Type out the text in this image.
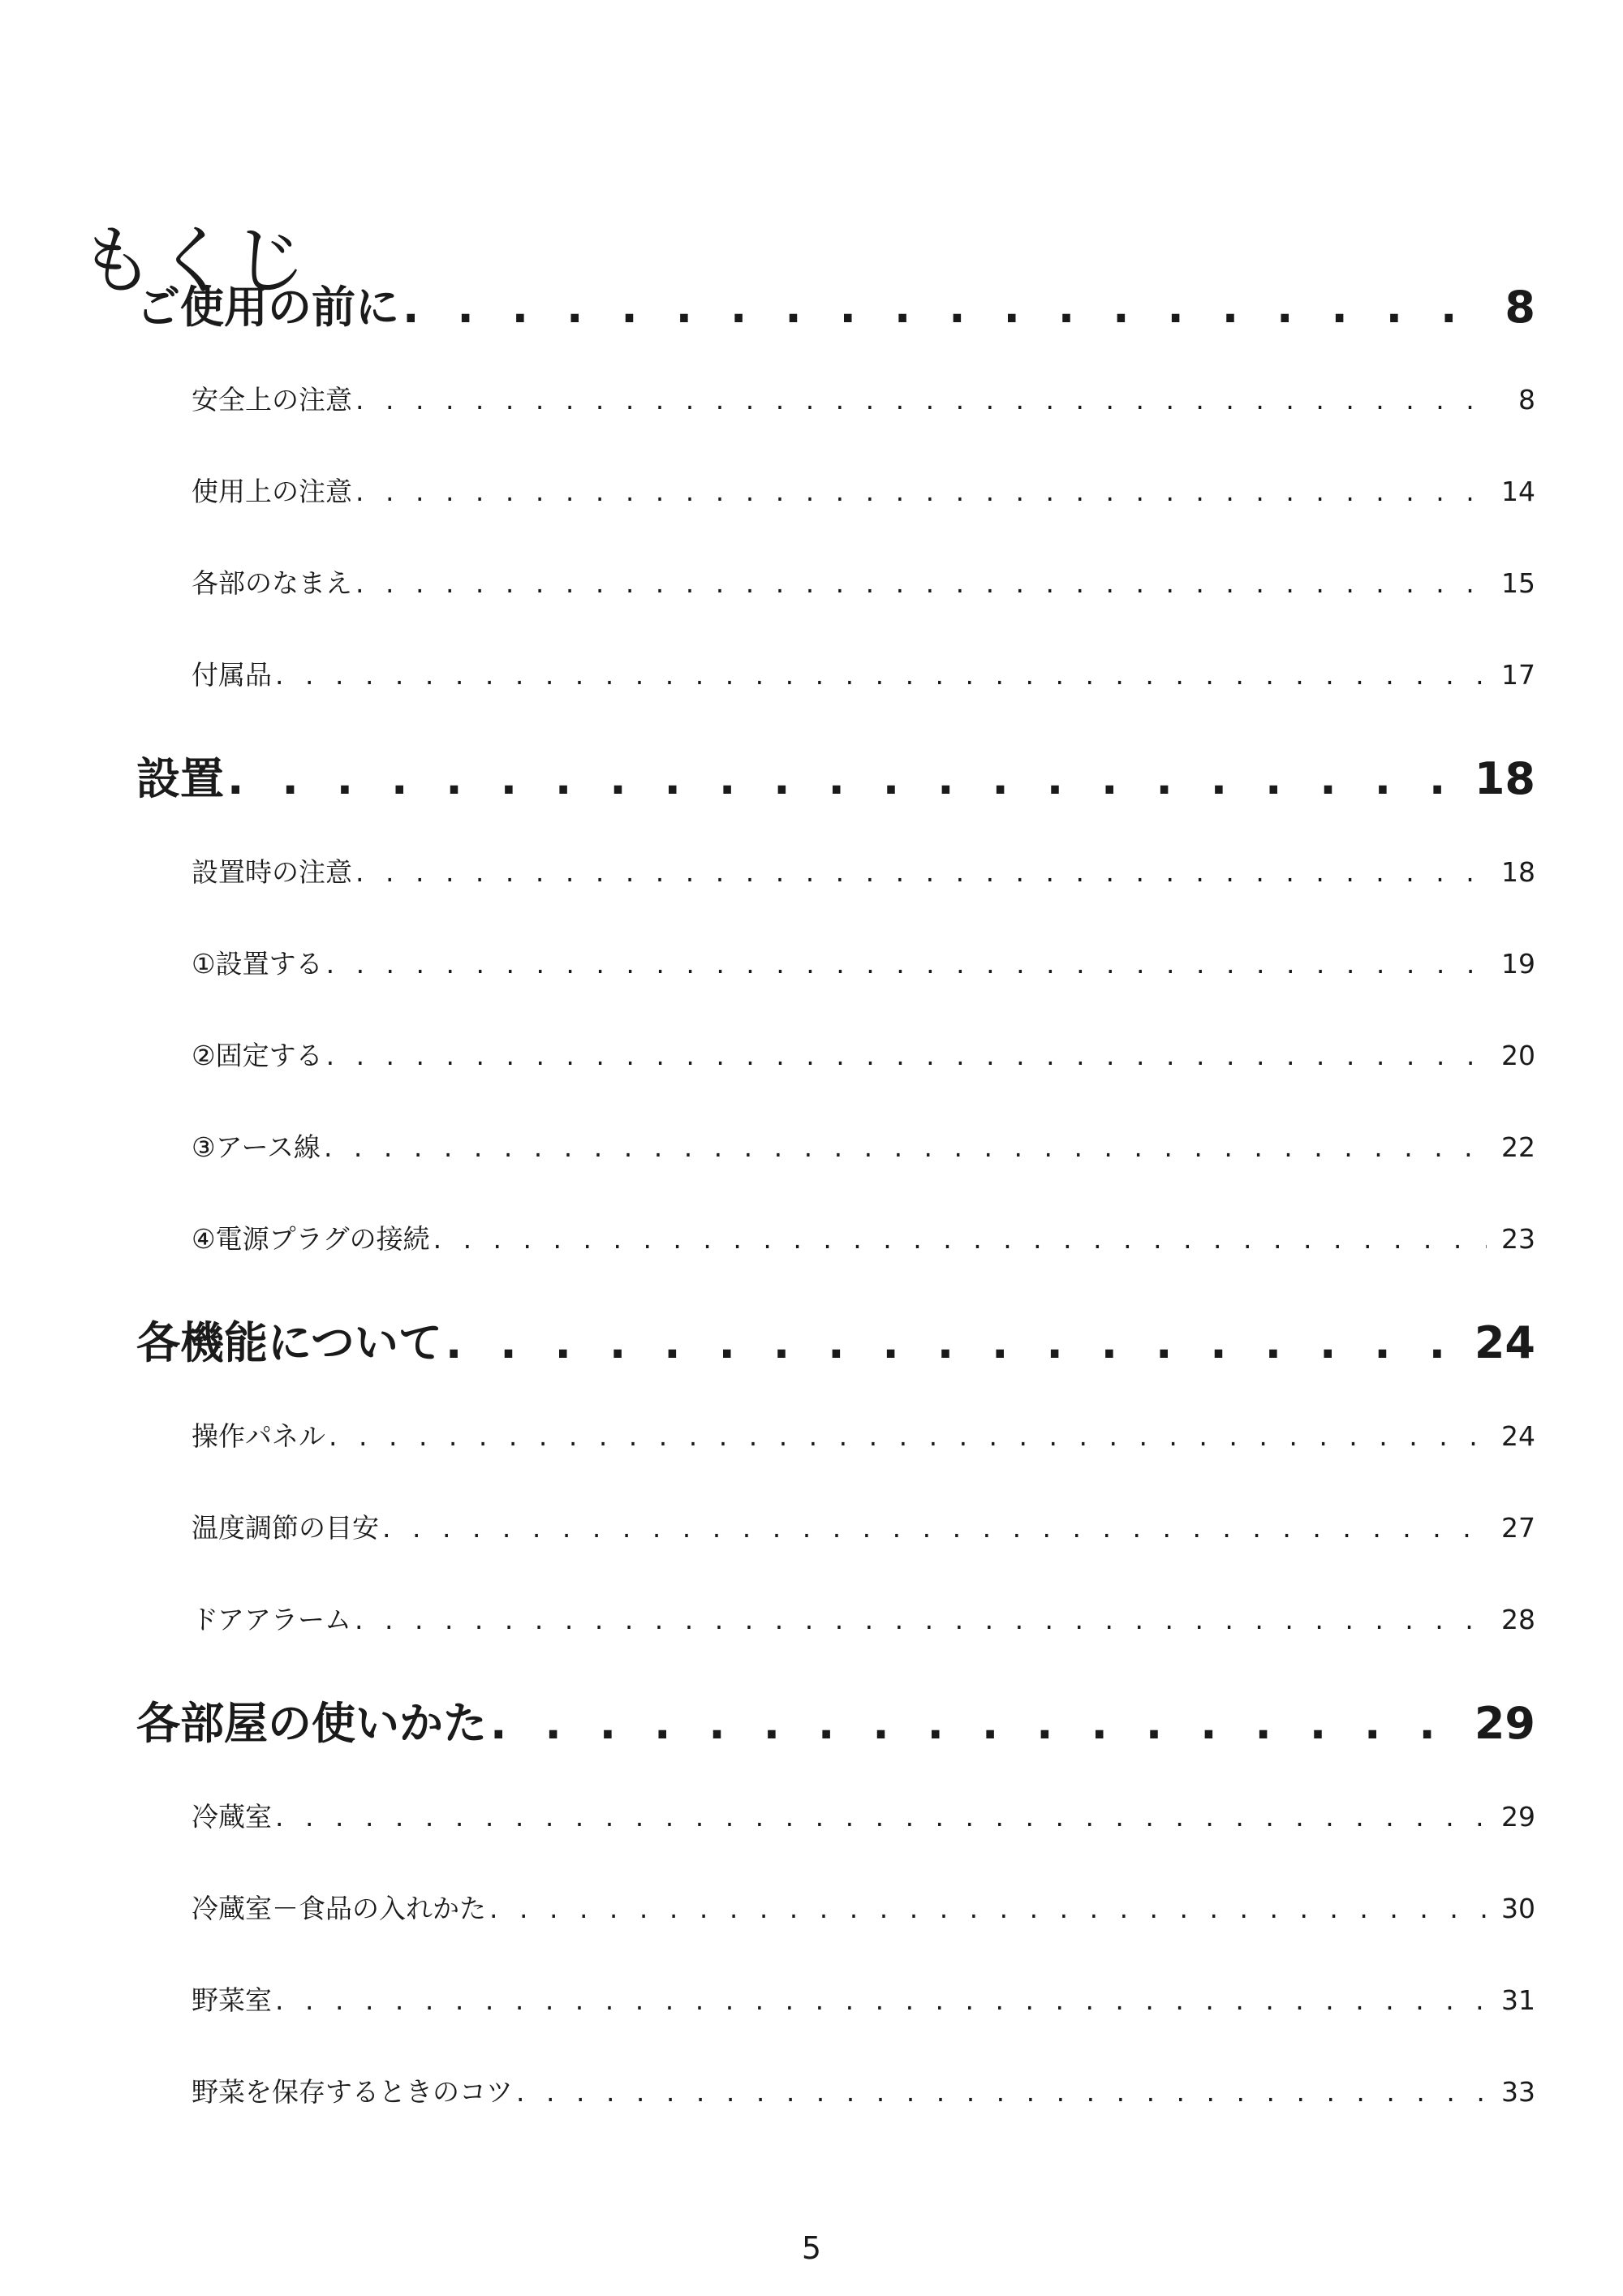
もくじ
ご使用の前に . . .	8
安全上の注意 . . .	8
使用上の注意 . . .	14
各部のなまえ . . .	15
付属品 . . .	17
設置 . . .	18
設置時の注意 . . .	18
①設置する . . .	19
②固定する . . .	20
③アース線 . . .	22
④電源プラグの接続 . . .	23
各機能について . . .	24
操作パネル . . .	24
温度調節の目安 . . .	27
ドアアラーム . . .	28
各部屋の使いかた . . .	29
冷蔵室 . . .	29
冷蔵室－食品の入れかた . . .	30
野菜室 . . .	31
野菜を保存するときのコツ . . .	33
5
